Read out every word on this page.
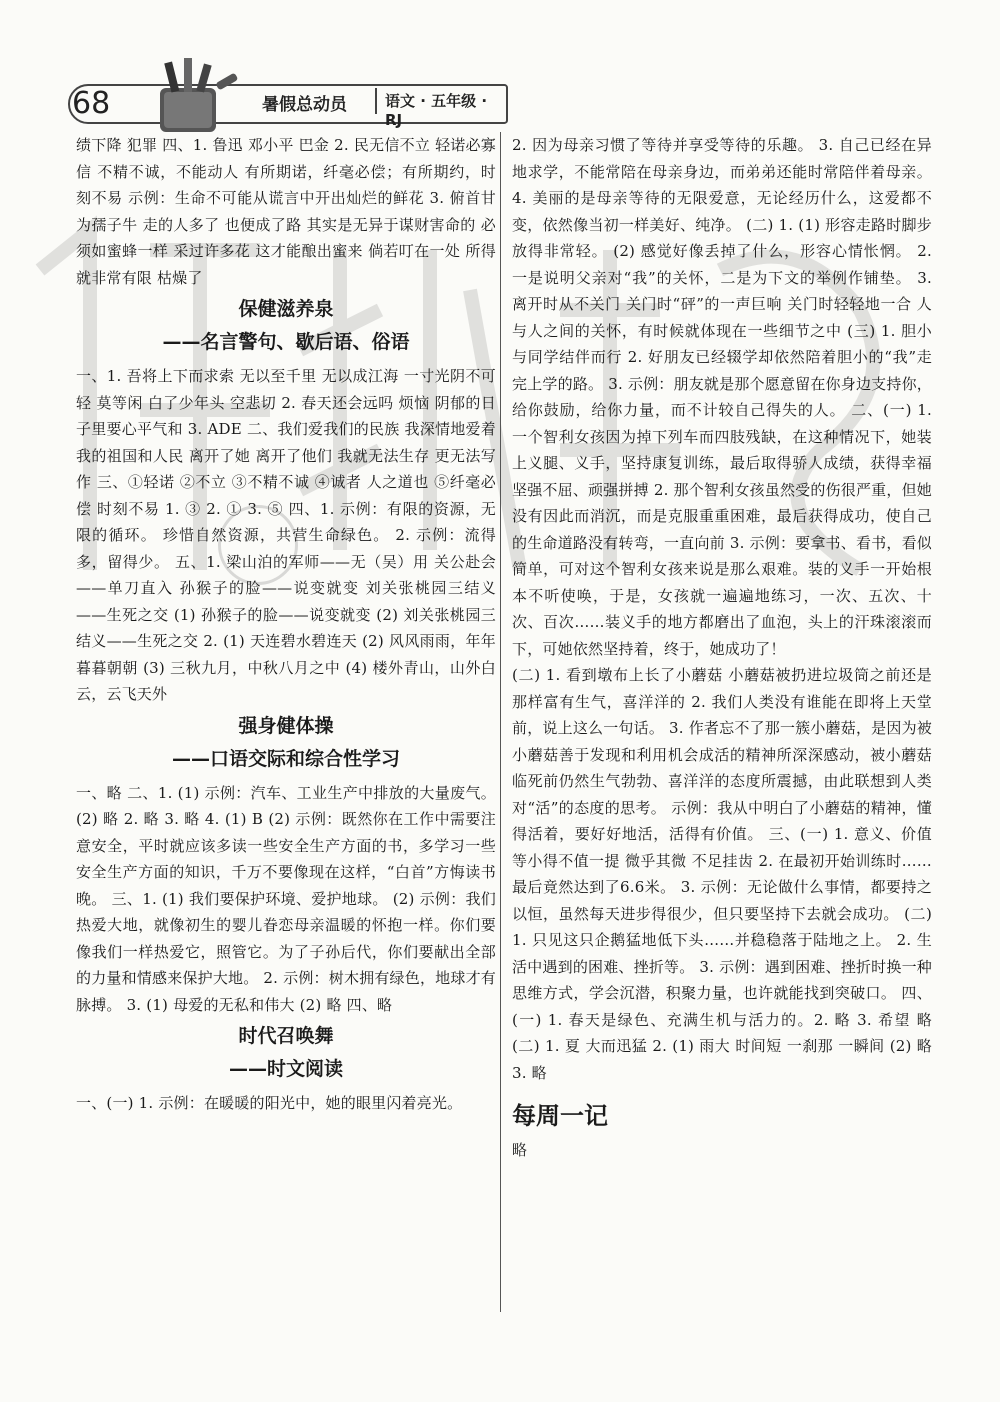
68	暑假总动员	语文 · 五年级 · RJ

绩下降 犯罪 四、1. 鲁迅 邓小平 巴金 2. 民无信不立 轻诺必寡信 不精不诚，不能动人 有所期诺，纤毫必偿；有所期约，时刻不易 示例：生命不可能从谎言中开出灿烂的鲜花 3. 俯首甘为孺子牛 走的人多了 也便成了路 其实是无异于谋财害命的 必须如蜜蜂一样 采过许多花 这才能酿出蜜来 倘若叮在一处 所得就非常有限 枯燥了

保健滋养泉
——名言警句、歇后语、俗语

一、1. 吾将上下而求索 无以至千里 无以成江海 一寸光阴不可轻 莫等闲 白了少年头 空悲切 2. 春天还会远吗 烦恼 阴郁的日子里要心平气和 3. ADE 二、我们爱我们的民族 我深情地爱着我的祖国和人民 离开了她 离开了他们 我就无法生存 更无法写作 三、①轻诺 ②不立 ③不精不诚 ④诚者 人之道也 ⑤纤毫必偿 时刻不易 1. ③ 2. ① 3. ⑤ 四、1. 示例：有限的资源，无限的循环。 珍惜自然资源，共营生命绿色。 2. 示例：流得多，留得少。 五、1. 梁山泊的军师——无（吴）用 关公赴会——单刀直入 孙猴子的脸——说变就变 刘关张桃园三结义——生死之交 (1) 孙猴子的脸——说变就变 (2) 刘关张桃园三结义——生死之交 2. (1) 天连碧水碧连天 (2) 风风雨雨，年年暮暮朝朝 (3) 三秋九月，中秋八月之中 (4) 楼外青山，山外白云，云飞天外

强身健体操
——口语交际和综合性学习

一、略 二、1. (1) 示例：汽车、工业生产中排放的大量废气。 (2) 略 2. 略 3. 略 4. (1) B (2) 示例：既然你在工作中需要注意安全，平时就应该多读一些安全生产方面的书，多学习一些安全生产方面的知识，千万不要像现在这样，“白首”方悔读书晚。 三、1. (1) 我们要保护环境、爱护地球。 (2) 示例：我们热爱大地，就像初生的婴儿眷恋母亲温暖的怀抱一样。你们要像我们一样热爱它，照管它。为了子孙后代，你们要献出全部的力量和情感来保护大地。 2. 示例：树木拥有绿色，地球才有脉搏。 3. (1) 母爱的无私和伟大 (2) 略 四、略

时代召唤舞
——时文阅读

一、(一) 1. 示例：在暖暖的阳光中，她的眼里闪着亮光。

2. 因为母亲习惯了等待并享受等待的乐趣。 3. 自己已经在异地求学，不能常陪在母亲身边，而弟弟还能时常陪伴着母亲。 4. 美丽的是母亲等待的无限爱意，无论经历什么，这爱都不变，依然像当初一样美好、纯净。 (二) 1. (1) 形容走路时脚步放得非常轻。 (2) 感觉好像丢掉了什么，形容心情怅惘。 2. 一是说明父亲对“我”的关怀，二是为下文的举例作铺垫。 3. 离开时从不关门 关门时“砰”的一声巨响 关门时轻轻地一合 人与人之间的关怀，有时候就体现在一些细节之中 (三) 1. 胆小 与同学结伴而行 2. 好朋友已经辍学却依然陪着胆小的“我”走完上学的路。 3. 示例：朋友就是那个愿意留在你身边支持你，给你鼓励，给你力量，而不计较自己得失的人。 二、(一) 1. 一个智利女孩因为掉下列车而四肢残缺，在这种情况下，她装上义腿、义手，坚持康复训练，最后取得骄人成绩，获得幸福 坚强不屈、顽强拼搏 2. 那个智利女孩虽然受的伤很严重，但她没有因此而消沉，而是克服重重困难，最后获得成功，使自己的生命道路没有转弯，一直向前 3. 示例：要拿书、看书，看似简单，可对这个智利女孩来说是那么艰难。装的义手一开始根本不听使唤，于是，女孩就一遍遍地练习，一次、五次、十次、百次……装义手的地方都磨出了血泡，头上的汗珠滚滚而下，可她依然坚持着，终于，她成功了！

(二) 1. 看到墩布上长了小蘑菇 小蘑菇被扔进垃圾筒之前还是那样富有生气，喜洋洋的 2. 我们人类没有谁能在即将上天堂前，说上这么一句话。 3. 作者忘不了那一簇小蘑菇，是因为被小蘑菇善于发现和利用机会成活的精神所深深感动，被小蘑菇临死前仍然生气勃勃、喜洋洋的态度所震撼，由此联想到人类对“活”的态度的思考。 示例：我从中明白了小蘑菇的精神，懂得活着，要好好地活，活得有价值。 三、(一) 1. 意义、价值等小得不值一提 微乎其微 不足挂齿 2. 在最初开始训练时……最后竟然达到了6.6米。 3. 示例：无论做什么事情，都要持之以恒，虽然每天进步得很少，但只要坚持下去就会成功。 (二) 1. 只见这只企鹅猛地低下头……并稳稳落于陆地之上。 2. 生活中遇到的困难、挫折等。 3. 示例：遇到困难、挫折时换一种思维方式，学会沉潜，积聚力量，也许就能找到突破口。 四、(一) 1. 春天是绿色、充满生机与活力的。2. 略 3. 希望 略 (二) 1. 夏 大而迅猛 2. (1) 雨大 时间短 一刹那 一瞬间 (2) 略 3. 略

每周一记

略
